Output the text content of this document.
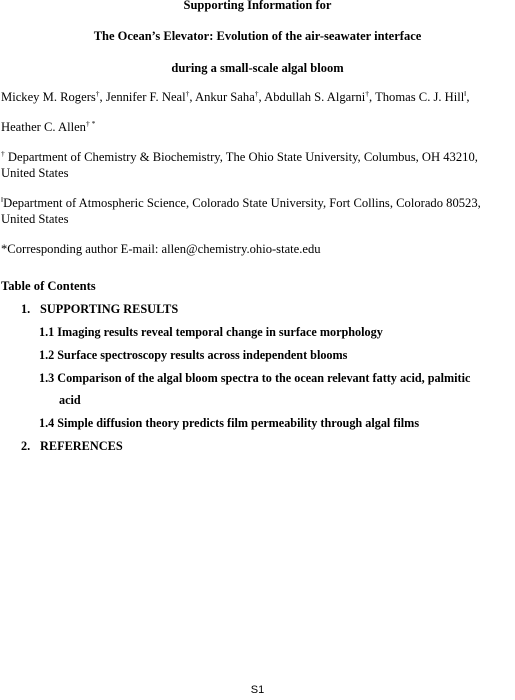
Supporting Information for
The Ocean’s Elevator: Evolution of the air-seawater interface
during a small-scale algal bloom
Mickey M. Rogers†, Jennifer F. Neal†, Ankur Saha†, Abdullah S. Algarni†, Thomas C. J. Hill‖,
Heather C. Allen† *
† Department of Chemistry & Biochemistry, The Ohio State University, Columbus, OH 43210,
United States
‖Department of Atmospheric Science, Colorado State University, Fort Collins, Colorado 80523,
United States
*Corresponding author E-mail: allen@chemistry.ohio-state.edu
Table of Contents
1. SUPPORTING RESULTS
1.1 Imaging results reveal temporal change in surface morphology
1.2 Surface spectroscopy results across independent blooms
1.3 Comparison of the algal bloom spectra to the ocean relevant fatty acid, palmitic
acid
1.4 Simple diffusion theory predicts film permeability through algal films
2. REFERENCES
S1
